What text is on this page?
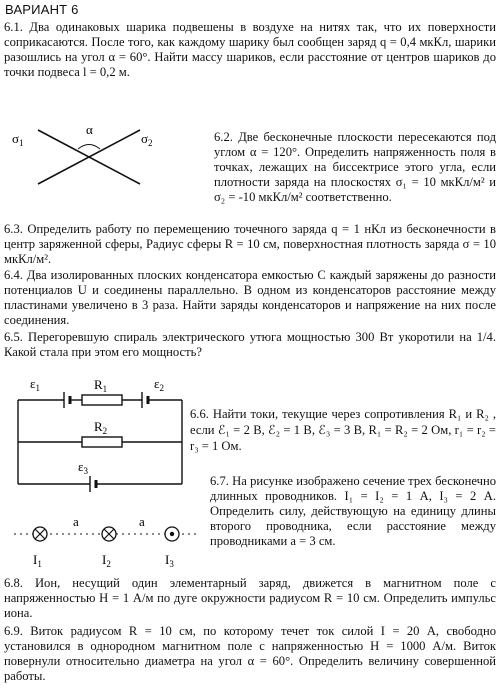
ВАРИАНТ 6

6.1. Два одинаковых шарика подвешены в воздухе на нитях так, что их поверхности соприкасаются. После того, как каждому шарику был сообщен заряд q = 0,4 мкКл, шарики разошлись на угол α = 60°. Найти массу шариков, если расстояние от центров шариков до точки подвеса l = 0,2 м.

$\sigma_1$
α
$\sigma_2$	6.2. Две бесконечные плоскости пересекаются под углом α = 120°. Определить напряженность поля в точках, лежащих на биссектрисе этого угла, если плотности заряда на плоскостях σ₁ = 10 мкКл/м² и σ₂ = -10 мкКл/м² соответственно.

6.3. Определить работу по перемещению точечного заряда q = 1 нКл из бесконечности в центр заряженной сферы, Радиус сферы R = 10 см, поверхностная плотность заряда σ = 10 мкКл/м².

6.4. Два изолированных плоских конденсатора емкостью C каждый заряжены до разности потенциалов U и соединены параллельно. В одном из конденсаторов расстояние между пластинами увеличено в 3 раза. Найти заряды конденсаторов и напряжение на них после соединения.

6.5. Перегоревшую спираль электрического утюга мощностью 300 Вт укоротили на 1/4. Какой стала при этом его мощность?

$\varepsilon_1$	$R_1$	$\varepsilon_2$
$R_2$
$\varepsilon_3$

6.6. Найти токи, текущие через сопротивления R₁ и R₂ , если ℰ₁ = 2 В, ℰ₂ = 1 В, ℰ₃ = 3 В, R₁ = R₂ = 2 Ом, r₁ = r₂ = r₃ = 1 Ом.

6.7. На рисунке изображено сечение трех бесконечно длинных проводников. I₁ = I₂ = 1 А, I₃ = 2 А. Определить силу, действующую на единицу длины второго проводника, если расстояние между проводниками a = 3 см.

a	a
$I_1$	$I_2$	$I_3$

6.8. Ион, несущий один элементарный заряд, движется в магнитном поле с напряженностью H = 1 А/м по дуге окружности радиусом R = 10 см. Определить импульс иона.

6.9. Виток радиусом R = 10 см, по которому течет ток силой I = 20 А, свободно установился в однородном магнитном поле с напряженностью H = 1000 А/м. Виток повернули относительно диаметра на угол α = 60°. Определить величину совершенной работы.
